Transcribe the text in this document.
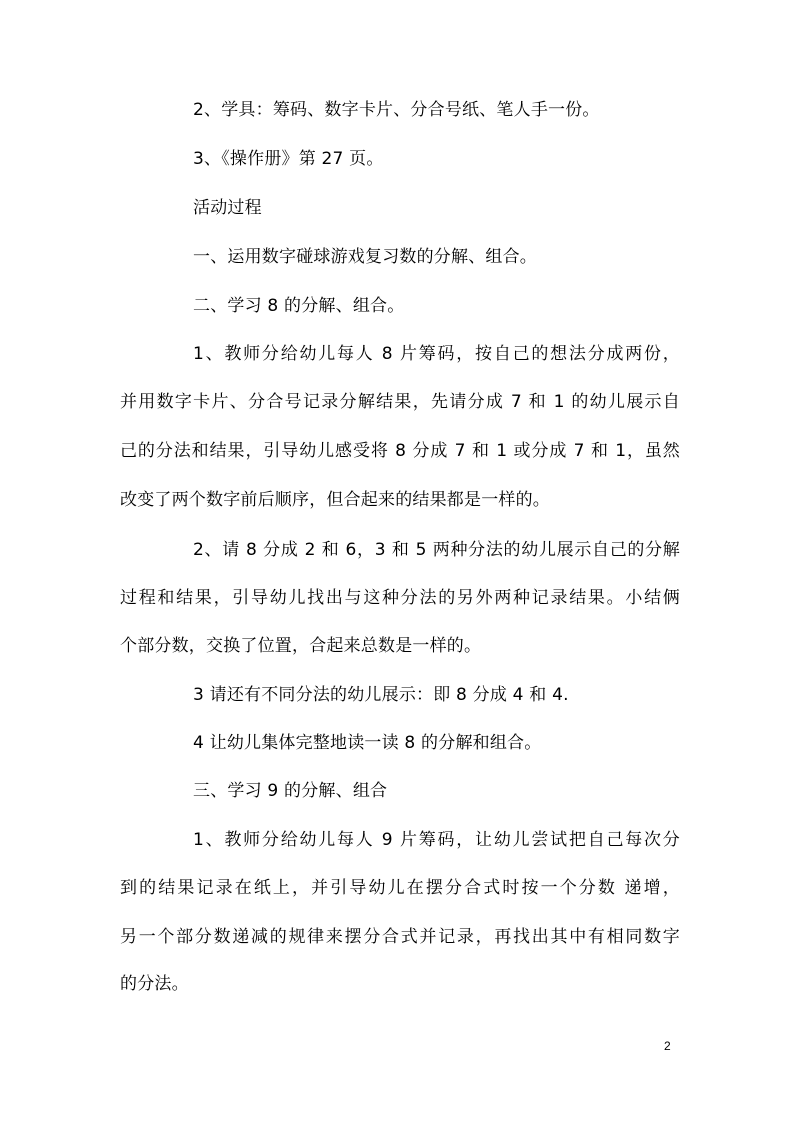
2、学具：筹码、数字卡片、分合号纸、笔人手一份。
3、《操作册》第 27 页。
活动过程
一、运用数字碰球游戏复习数的分解、组合。
二、学习 8 的分解、组合。
1、教师分给幼儿每人 8 片筹码，按自己的想法分成两份，
并用数字卡片、分合号记录分解结果，先请分成 7 和 1 的幼儿展示自
己的分法和结果，引导幼儿感受将 8 分成 7 和 1 或分成 7 和 1，虽然
改变了两个数字前后顺序，但合起来的结果都是一样的。
2、请 8 分成 2 和 6，3 和 5 两种分法的幼儿展示自己的分解
过程和结果，引导幼儿找出与这种分法的另外两种记录结果。小结俩
个部分数，交换了位置，合起来总数是一样的。
3 请还有不同分法的幼儿展示：即 8 分成 4 和 4.
4 让幼儿集体完整地读一读 8 的分解和组合。
三、学习 9 的分解、组合
1、教师分给幼儿每人 9 片筹码，让幼儿尝试把自己每次分
到的结果记录在纸上，并引导幼儿在摆分合式时按一个分数 递增，
另一个部分数递减的规律来摆分合式并记录，再找出其中有相同数字
的分法。
2
